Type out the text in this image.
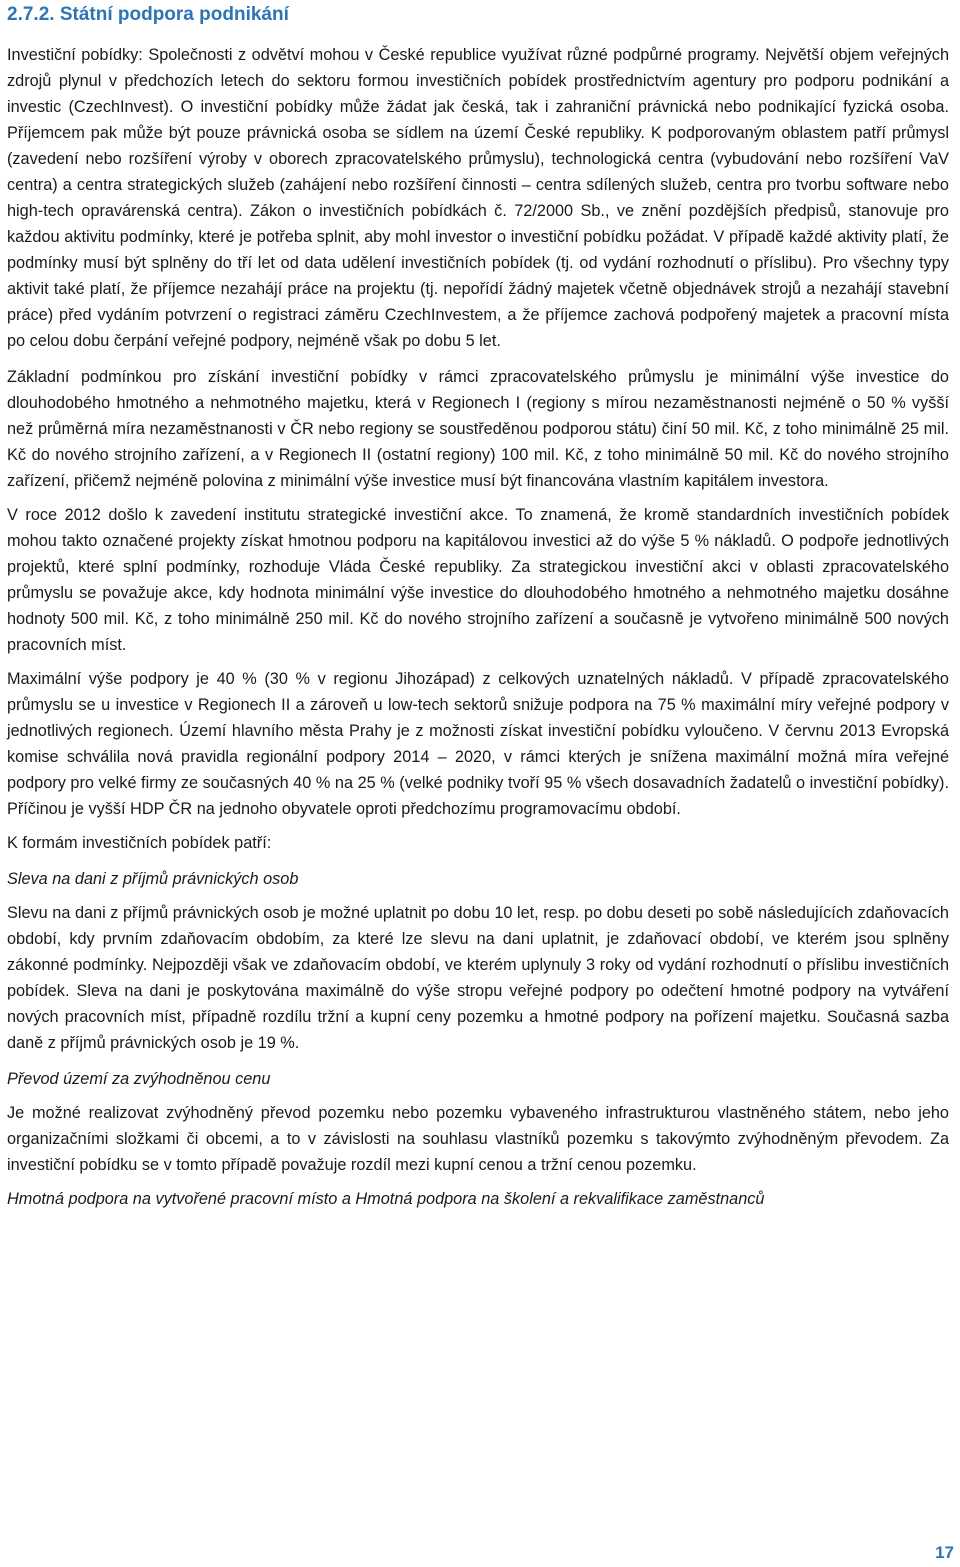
2.7.2. Státní podpora podnikání

Investiční pobídky: Společnosti z odvětví mohou v České republice využívat různé podpůrné programy. Největší objem veřejných zdrojů plynul v předchozích letech do sektoru formou investičních pobídek prostřednictvím agentury pro podporu podnikání a investic (CzechInvest). O investiční pobídky může žádat jak česká, tak i zahraniční právnická nebo podnikající fyzická osoba. Příjemcem pak může být pouze právnická osoba se sídlem na území České republiky. K podporovaným oblastem patří průmysl (zavedení nebo rozšíření výroby v oborech zpracovatelského průmyslu), technologická centra (vybudování nebo rozšíření VaV centra) a centra strategických služeb (zahájení nebo rozšíření činnosti – centra sdílených služeb, centra pro tvorbu software nebo high-tech opravárenská centra). Zákon o investičních pobídkách č. 72/2000 Sb., ve znění pozdějších předpisů, stanovuje pro každou aktivitu podmínky, které je potřeba splnit, aby mohl investor o investiční pobídku požádat. V případě každé aktivity platí, že podmínky musí být splněny do tří let od data udělení investičních pobídek (tj. od vydání rozhodnutí o příslibu). Pro všechny typy aktivit také platí, že příjemce nezahájí práce na projektu (tj. nepořídí žádný majetek včetně objednávek strojů a nezahájí stavební práce) před vydáním potvrzení o registraci záměru CzechInvestem, a že příjemce zachová podpořený majetek a pracovní místa po celou dobu čerpání veřejné podpory, nejméně však po dobu 5 let.

Základní podmínkou pro získání investiční pobídky v rámci zpracovatelského průmyslu je minimální výše investice do dlouhodobého hmotného a nehmotného majetku, která v Regionech I (regiony s mírou nezaměstnanosti nejméně o 50 % vyšší než průměrná míra nezaměstnanosti v ČR nebo regiony se soustředěnou podporou státu) činí 50 mil. Kč, z toho minimálně 25 mil. Kč do nového strojního zařízení, a v Regionech II (ostatní regiony) 100 mil. Kč, z toho minimálně 50 mil. Kč do nového strojního zařízení, přičemž nejméně polovina z minimální výše investice musí být financována vlastním kapitálem investora.

V roce 2012 došlo k zavedení institutu strategické investiční akce. To znamená, že kromě standardních investičních pobídek mohou takto označené projekty získat hmotnou podporu na kapitálovou investici až do výše 5 % nákladů. O podpoře jednotlivých projektů, které splní podmínky, rozhoduje Vláda České republiky. Za strategickou investiční akci v oblasti zpracovatelského průmyslu se považuje akce, kdy hodnota minimální výše investice do dlouhodobého hmotného a nehmotného majetku dosáhne hodnoty 500 mil. Kč, z toho minimálně 250 mil. Kč do nového strojního zařízení a současně je vytvořeno minimálně 500 nových pracovních míst.

Maximální výše podpory je 40 % (30 % v regionu Jihozápad) z celkových uznatelných nákladů. V případě zpracovatelského průmyslu se u investice v Regionech II a zároveň u low-tech sektorů snižuje podpora na 75 % maximální míry veřejné podpory v jednotlivých regionech. Území hlavního města Prahy je z možnosti získat investiční pobídku vyloučeno. V červnu 2013 Evropská komise schválila nová pravidla regionální podpory 2014 – 2020, v rámci kterých je snížena maximální možná míra veřejné podpory pro velké firmy ze současných 40 % na 25 % (velké podniky tvoří 95 % všech dosavadních žadatelů o investiční pobídky). Příčinou je vyšší HDP ČR na jednoho obyvatele oproti předchozímu programovacímu období.

K formám investičních pobídek patří:

Sleva na dani z příjmů právnických osob

Slevu na dani z příjmů právnických osob je možné uplatnit po dobu 10 let, resp. po dobu deseti po sobě následujících zdaňovacích období, kdy prvním zdaňovacím obdobím, za které lze slevu na dani uplatnit, je zdaňovací období, ve kterém jsou splněny zákonné podmínky. Nejpozději však ve zdaňovacím období, ve kterém uplynuly 3 roky od vydání rozhodnutí o příslibu investičních pobídek. Sleva na dani je poskytována maximálně do výše stropu veřejné podpory po odečtení hmotné podpory na vytváření nových pracovních míst, případně rozdílu tržní a kupní ceny pozemku a hmotné podpory na pořízení majetku. Současná sazba daně z příjmů právnických osob je 19 %.

Převod území za zvýhodněnou cenu

Je možné realizovat zvýhodněný převod pozemku nebo pozemku vybaveného infrastrukturou vlastněného státem, nebo jeho organizačními složkami či obcemi, a to v závislosti na souhlasu vlastníků pozemku s takovýmto zvýhodněným převodem. Za investiční pobídku se v tomto případě považuje rozdíl mezi kupní cenou a tržní cenou pozemku.

Hmotná podpora na vytvořené pracovní místo a Hmotná podpora na školení a rekvalifikace zaměstnanců

17
